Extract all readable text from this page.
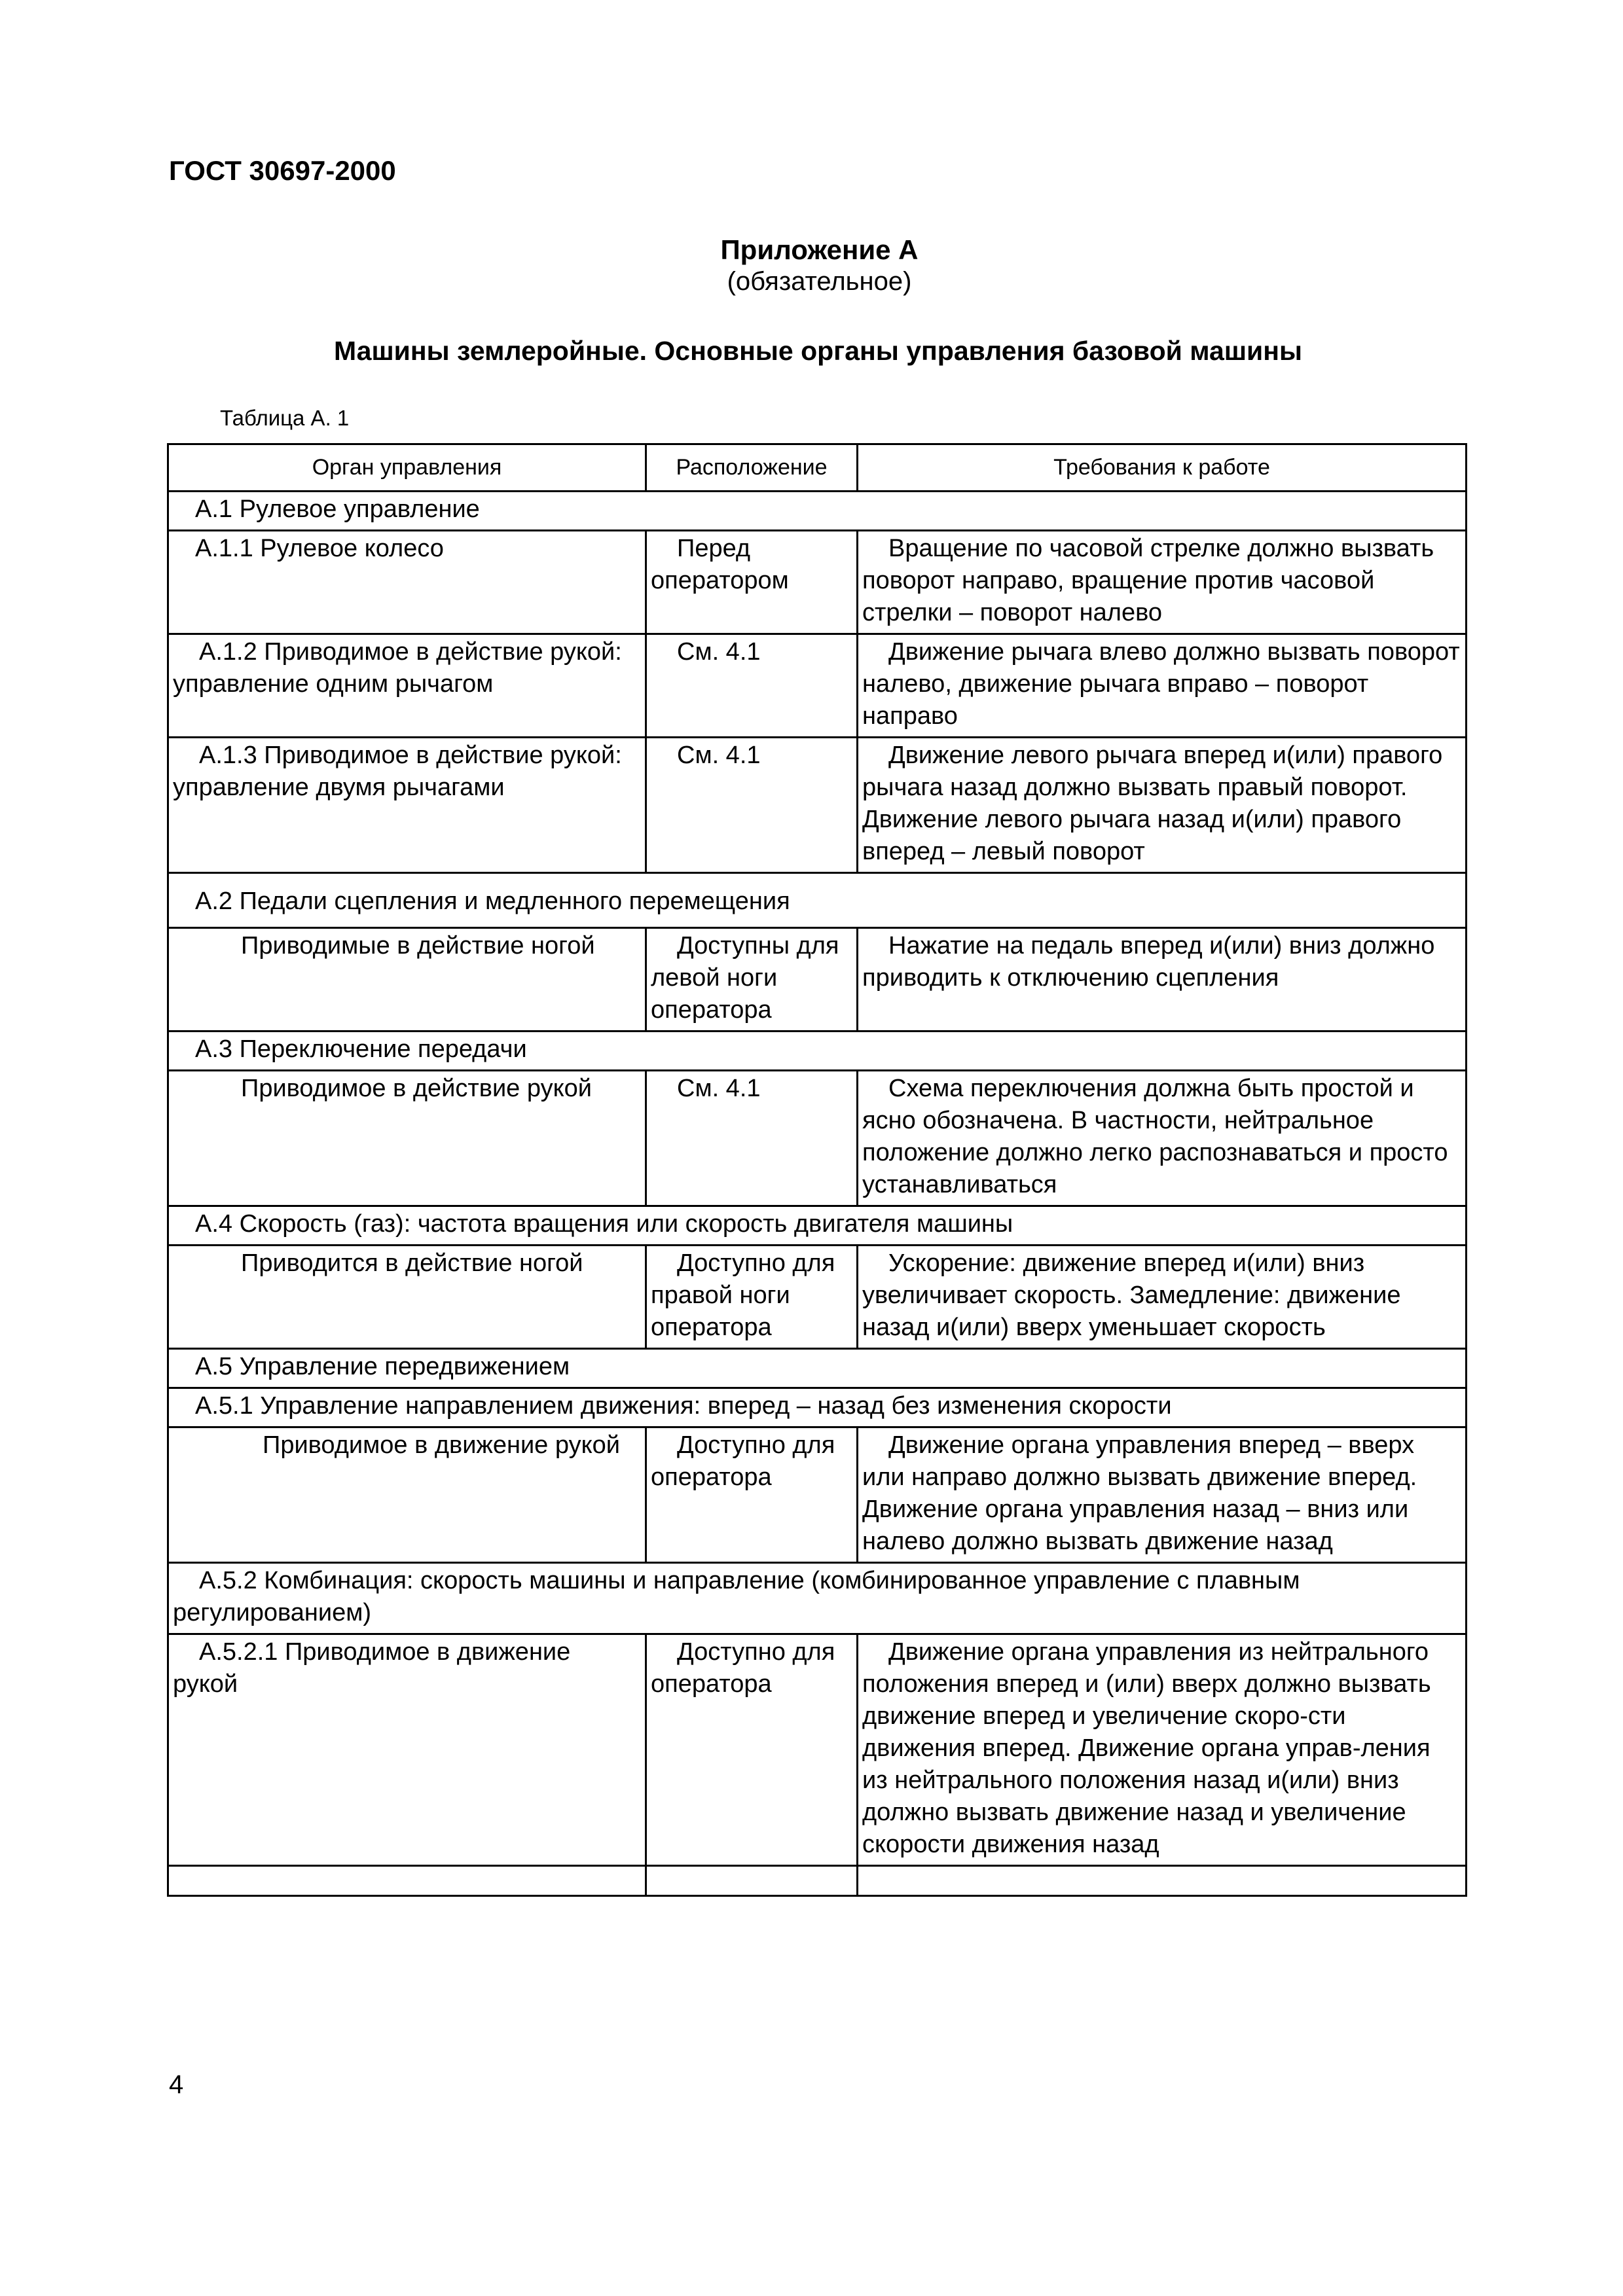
ГОСТ 30697-2000
Приложение А
(обязательное)
Машины землеройные. Основные органы управления базовой машины
Таблица А. 1
Орган управления	Расположение	Требования к работе
А.1 Рулевое управление		
А.1.1 Рулевое колесо	Перед оператором	Вращение по часовой стрелке должно вызвать поворот направо, вращение против часовой стрелки – поворот налево
А.1.2 Приводимое в действие рукой: управление одним рычагом	См. 4.1	Движение рычага влево должно вызвать поворот налево, движение рычага вправо – поворот направо
А.1.3 Приводимое в действие рукой: управление двумя рычагами	См. 4.1	Движение левого рычага вперед и(или) правого рычага назад должно вызвать правый поворот. Движение левого рычага назад и(или) правого вперед – левый поворот
А.2 Педали сцепления и медленного перемещения		
Приводимые в действие ногой	Доступны для левой ноги оператора	Нажатие на педаль вперед и(или) вниз должно приводить к отключению сцепления
А.3 Переключение передачи		
Приводимое в действие рукой	См. 4.1	Схема переключения должна быть простой и ясно обозначена. В частности, нейтральное положение должно легко распознаваться и просто устанавливаться
А.4 Скорость (газ): частота вращения или скорость двигателя машины		
Приводится в действие ногой	Доступно для правой ноги оператора	Ускорение: движение вперед и(или) вниз увеличивает скорость. Замедление: движение назад и(или) вверх уменьшает скорость
А.5 Управление передвижением		
А.5.1 Управление направлением движения: вперед – назад без изменения скорости		
Приводимое в движение рукой	Доступно для оператора	Движение органа управления вперед – вверх или направо должно вызвать движение вперед. Движение органа управления назад – вниз или налево должно вызвать движение назад
А.5.2 Комбинация: скорость машины и направление (комбинированное управление с плавным регулированием)		
А.5.2.1 Приводимое в движение рукой	Доступно для оператора	Движение органа управления из нейтрального положения вперед и (или) вверх должно вызвать движение вперед и увеличение скоро-сти движения вперед. Движение органа управ-ления из нейтрального положения назад и(или) вниз должно вызвать движение назад и увеличение скорости движения назад

4
